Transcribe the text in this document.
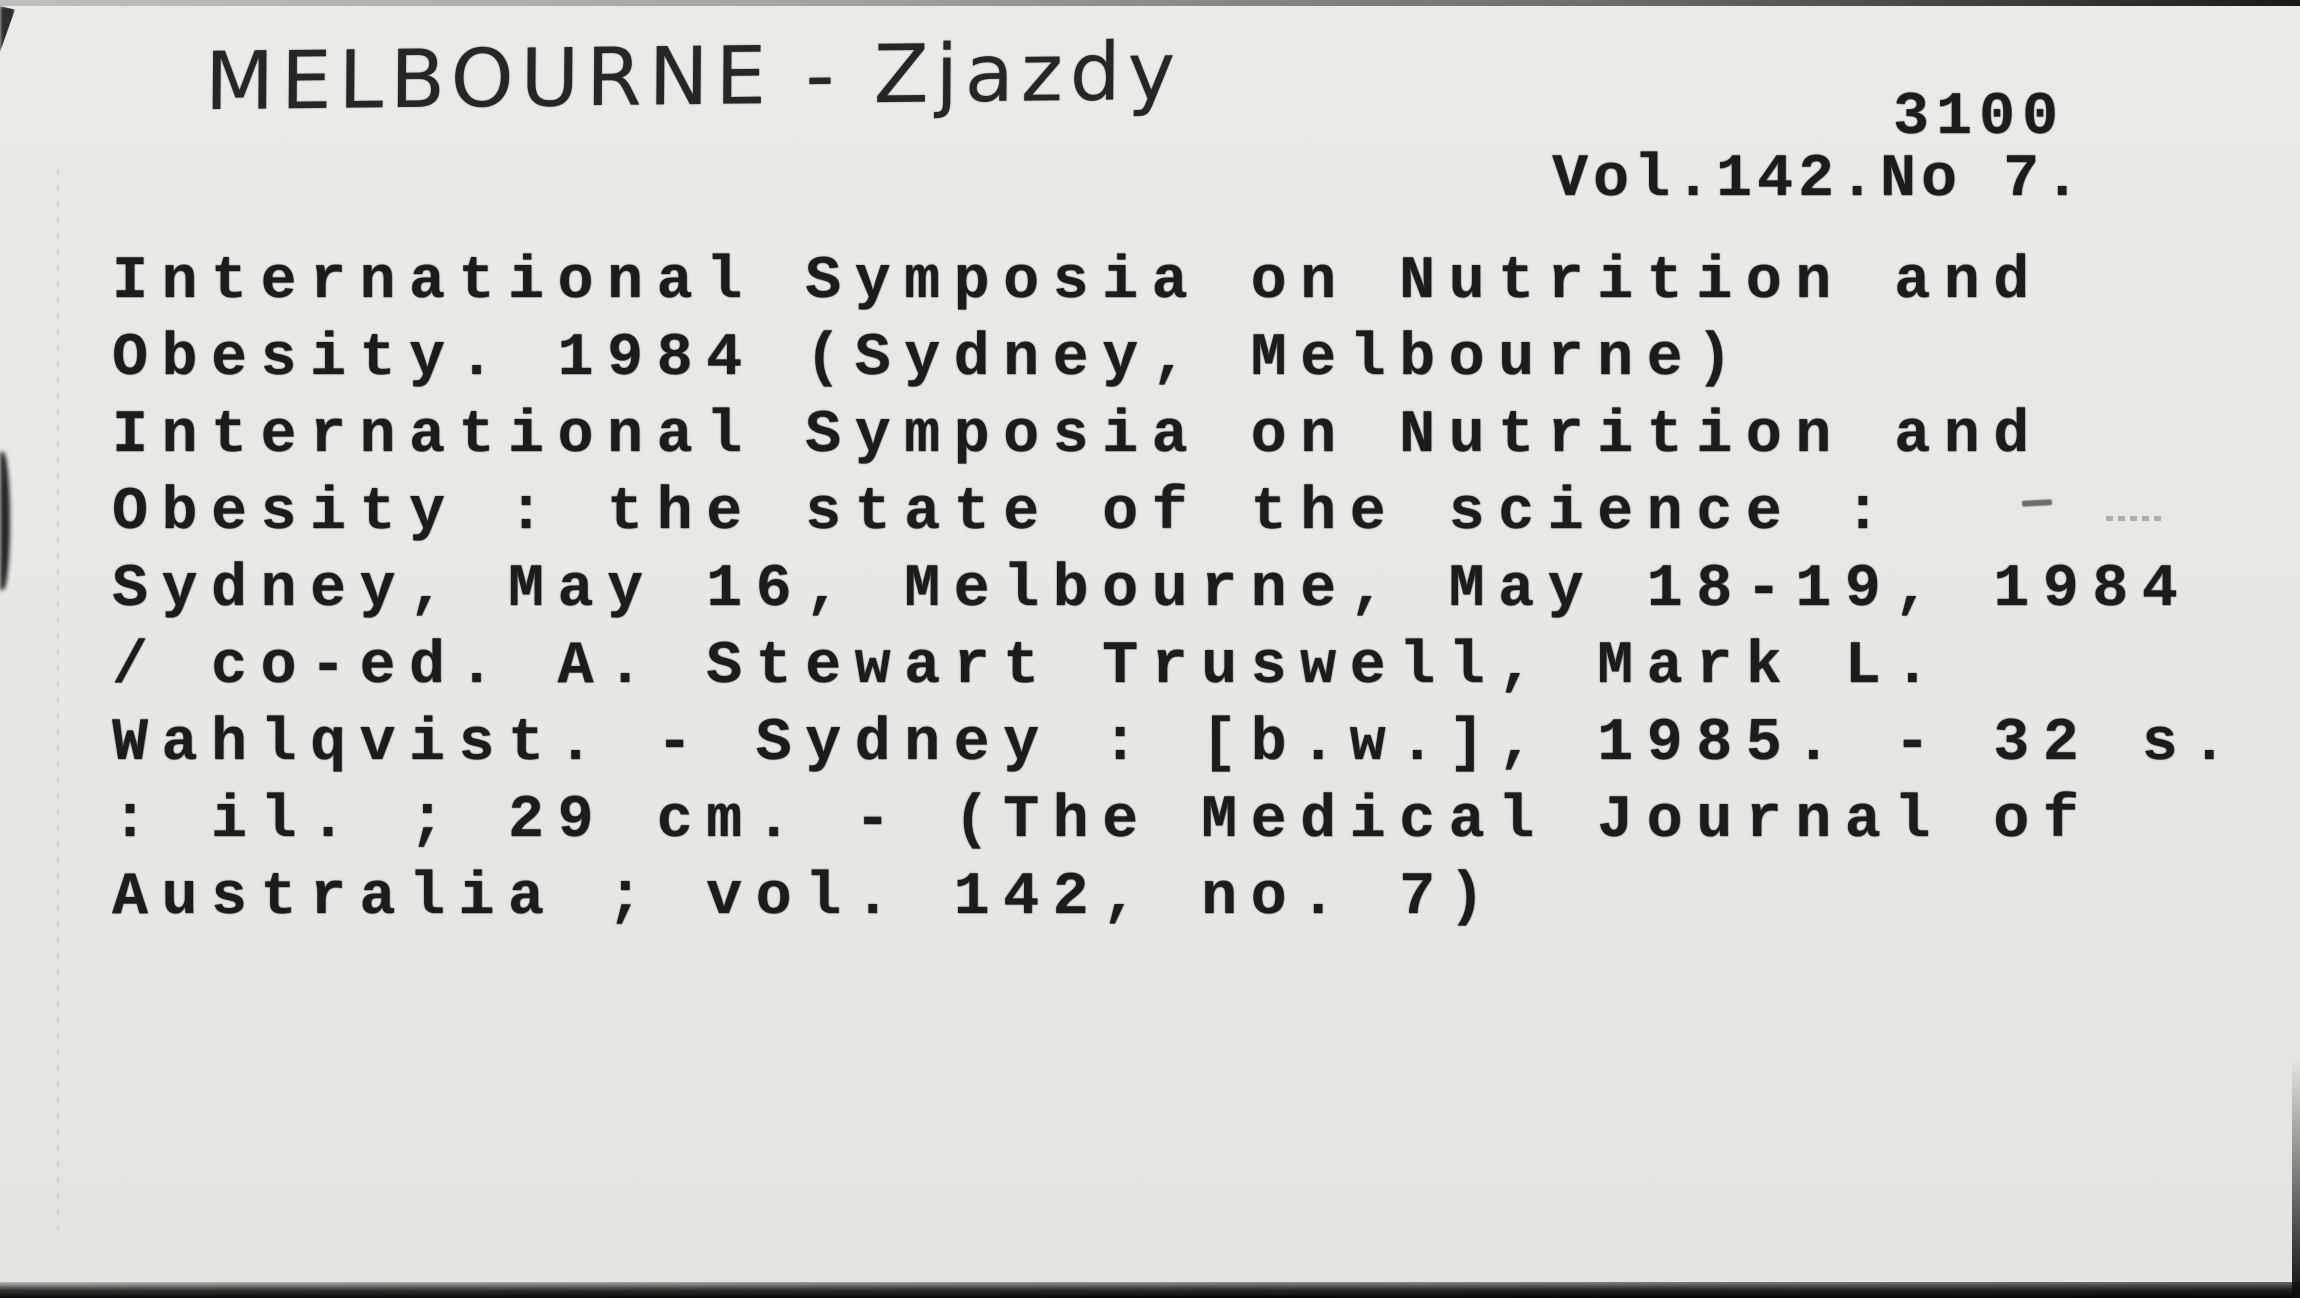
MELBOURNE - Zjazdy	3100
Vol.142.No 7.
International Symposia on Nutrition and
Obesity. 1984 (Sydney, Melbourne)
International Symposia on Nutrition and
Obesity : the state of the science :
Sydney, May 16, Melbourne, May 18-19, 1984
/ co-ed. A. Stewart Truswell, Mark L.
Wahlqvist. - Sydney : [b.w.], 1985. - 32 s.
: il. ; 29 cm. - (The Medical Journal of
Australia ; vol. 142, no. 7)
